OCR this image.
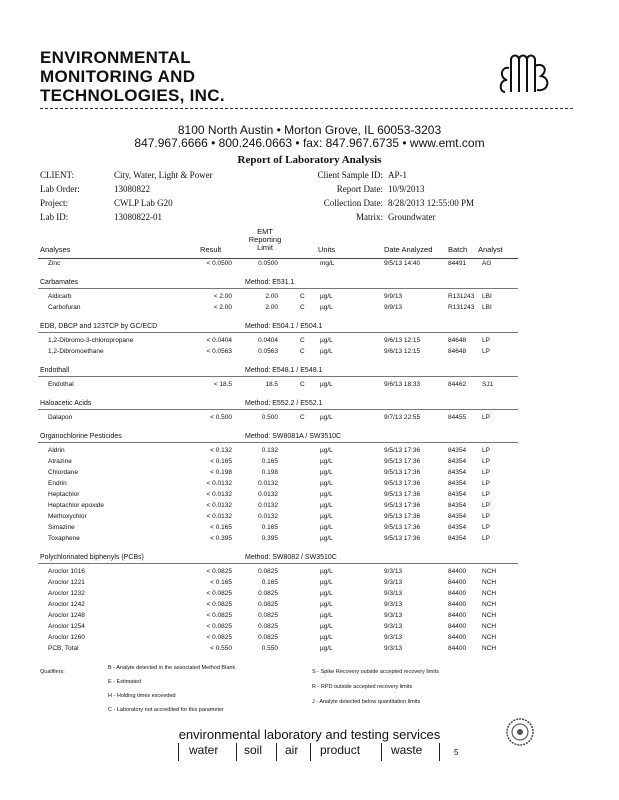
ENVIRONMENTAL
MONITORING AND
TECHNOLOGIES, INC.
8100 North Austin • Morton Grove, IL 60053-3203
847.967.6666 • 800.246.0663 • fax: 847.967.6735 • www.emt.com
Report of Laboratory Analysis
CLIENT:	City, Water, Light & Power
Lab Order:	13080822
Project:	CWLP Lab G20
Lab ID:	13080822-01
Client Sample ID: AP-1
Report Date: 10/9/2013
Collection Date: 8/28/2013 12:55:00 PM
Matrix: Groundwater
Analyses	Result
EMT
Reporting
Limit	Units	Date Analyzed Batch Analyst
Zinc	< 0.0500	0.0500	mg/L	9/5/13 14:40	84491 AG
Carbamates	Method: E531.1
Aldicarb	< 2.00	2.00	C µg/L	9/9/13	R131243 LBI
Carbofuran	< 2.00	2.00	C µg/L	9/9/13	R131243 LBI
EDB, DBCP and 123TCP by GC/ECD	Method: E504.1 / E504.1
1,2-Dibromo-3-chloropropane	< 0.0404	0.0404	C µg/L	9/6/13 12:15	84648 LP
1,2-Dibromoethane	< 0.0563	0.0563	C µg/L	9/6/13 12:15	84648 LP
Endothall	Method: E548.1 / E548.1
Endothal	< 18.5	18.5	C µg/L	9/6/13 18:33	84462 SJ1
Haloacetic Acids	Method: E552.2 / E552.1
Dalapon	< 0.500	0.500	C µg/L	9/7/13 22:55	84455 LP
Organochlorine Pesticides	Method: SW8081A / SW3510C
Aldrin	< 0.132	0.132	µg/L	9/5/13 17:36	84354 LP
Atrazine	< 0.165	0.165	µg/L	9/5/13 17:36	84354 LP
Chlordane	< 0.198	0.198	µg/L	9/5/13 17:36	84354 LP
Endrin	< 0.0132	0.0132	µg/L	9/5/13 17:36	84354 LP
Heptachlor	< 0.0132	0.0132	µg/L	9/5/13 17:36	84354 LP
Heptachlor epoxide	< 0.0132	0.0132	µg/L	9/5/13 17:36	84354 LP
Methoxychlor	< 0.0132	0.0132	µg/L	9/5/13 17:36	84354 LP
Simazine	< 0.165	0.165	µg/L	9/5/13 17:36	84354 LP
Toxaphene	< 0.395	0.395	µg/L	9/5/13 17:36	84354 LP
Polychlorinated biphenyls (PCBs)	Method: SW8082 / SW3510C
Aroclor 1016	< 0.0825	0.0825	µg/L	9/3/13	84400 NCH
Aroclor 1221	< 0.165	0.165	µg/L	9/3/13	84400 NCH
Aroclor 1232	< 0.0825	0.0825	µg/L	9/3/13	84400 NCH
Aroclor 1242	< 0.0825	0.0825	µg/L	9/3/13	84400 NCH
Aroclor 1248	< 0.0825	0.0825	µg/L	9/3/13	84400 NCH
Aroclor 1254	< 0.0825	0.0825	µg/L	9/3/13	84400 NCH
Aroclor 1260	< 0.0825	0.0825	µg/L	9/3/13	84400 NCH
PCB, Total	< 0.550	0.550	µg/L	9/3/13	84400 NCH
Qualifiers:
B - Analyte detected in the associated Method Blank
E - Estimated
H - Holding times exceeded
C - Laboratory not accredited for this parameter
S - Spike Recovery outside accepted recovery limits
R - RPD outside accepted recovery limits
J - Analyte detected below quantitation limits
environmental laboratory and testing services
water soil air product	waste	5
